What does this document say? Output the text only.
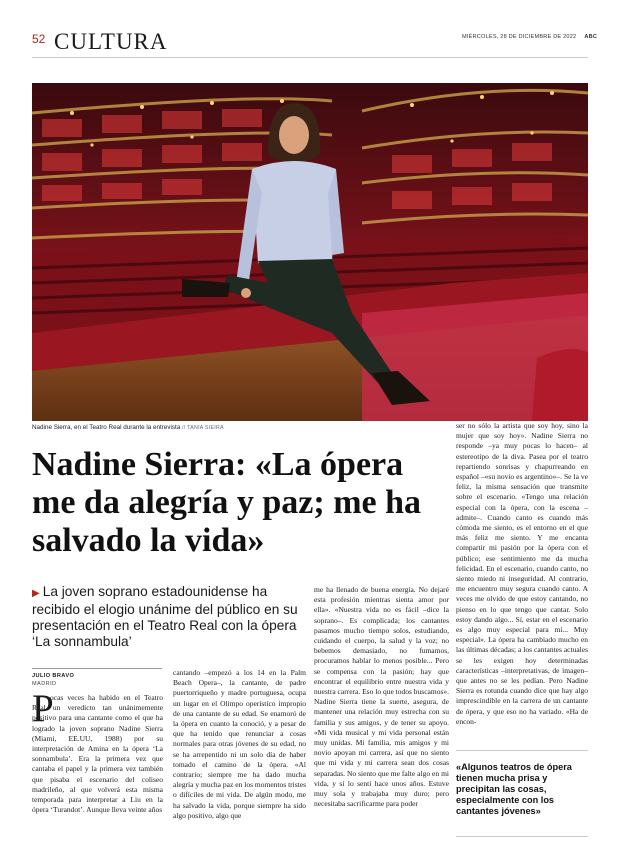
52 CULTURA	MIÉRCOLES, 28 DE DICIEMBRE DE 2022 ABC
Nadine Sierra, en el Teatro Real durante la entrevista // TANIA SIEIRA
Nadine Sierra: «La ópera me da alegría y paz; me ha salvado la vida»
▶ La joven soprano estadounidense ha recibido el elogio unánime del público en su presentación en el Teatro Real con la ópera ‘La sonnambula’
JULIO BRAVO
MADRID
P

ocas veces ha habido en el Teatro Real un veredicto tan unánimemente positivo para una cantante como el que ha logrado la joven soprano Nadine Sierra (Miami, EE.UU, 1988) por su interpretación de Amina en la ópera ‘La sonnambula’. Era la primera vez que cantaba el papel y la primera vez también que pisaba el escenario del coliseo madrileño, al que volverá esta misma temporada para interpretar a Liu en la ópera ‘Turandot’. Aunque lleva veinte años

cantando –empezó a los 14 en la Palm Beach Opera–, la cantante, de padre puertorriqueño y madre portuguesa, ocupa un lugar en el Olimpo operístico impropio de una cantante de su edad. Se enamoró de la ópera en cuanto la conoció, y a pesar de que ha tenido que renunciar a cosas normales para otras jóvenes de su edad, no se ha arrepentido ni un solo día de haber tomado el camino de la ópera. «Al contrario; siempre me ha dado mucha alegría y mucha paz en los momentos tristes o difíciles de mi vida. De algún modo, me ha salvado la vida, porque siempre ha sido algo positivo, algo que

me ha llenado de buena energía. No dejaré esta profesión mientras sienta amor por ella». «Nuestra vida no es fácil –dice la soprano–. Es complicada; los cantantes pasamos mucho tiempo solos, estudiando, cuidando el cuerpo, la salud y la voz; no bebemos demasiado, no fumamos, procuramos hablar lo menos posible... Pero se compensa con la pasión; hay que encontrar el equilibrio entre nuestra vida y nuestra carrera. Eso lo que todos buscamos». Nadine Sierra tiene la suerte, asegura, de mantener una relación muy estrecha con su familia y sus amigos, y de tener su apoyo. «Mi vida musical y mi vida personal están muy unidas. Mi familia, mis amigos y mi novio apoyan mi carrera, así que no siento que mi vida y mi carrera sean dos cosas separadas. No siento que me falte algo en mi vida, y sí lo sentí hace unos años. Estuve muy sola y trabajaba muy duro; pero necesitaba sacrificarme para poder

ser no sólo la artista que soy hoy, sino la mujer que soy hoy». Nadine Sierra no responde –ya muy pocas lo hacen– al estereotipo de la diva. Pasea por el teatro repartiendo sonrisas y chapurreando en español –«su novio es argentino»–. Se la ve feliz, la misma sensación que transmite sobre el escenario. «Tengo una relación especial con la ópera, con la escena –admite–. Cuando canto es cuando más cómoda me siento, es el entorno en el que más feliz me siento. Y me encanta compartir mi pasión por la ópera con el público; ese sentimiento me da mucha felicidad. En el escenario, cuando canto, no siento miedo ni inseguridad. Al contrario, me encuentro muy segura cuando canto. A veces me olvido de que estoy cantando, no pienso en lo que tengo que cantar. Solo estoy dando algo... Sí, estar en el escenario es algo muy especial para mí... Muy especial». La ópera ha cambiado mucho en las últimas décadas; a los cantantes actuales se les exigen hoy determinadas características –interpretativas, de imagen– que antes no se les pedían. Pero Nadine Sierra es rotunda cuando dice que hay algo imprescindible en la carrera de un cantante de ópera, y que eso no ha variado. «Ha de encon-

«Algunos teatros de ópera tienen mucha prisa y precipitan las cosas, especialmente con los cantantes jóvenes»
